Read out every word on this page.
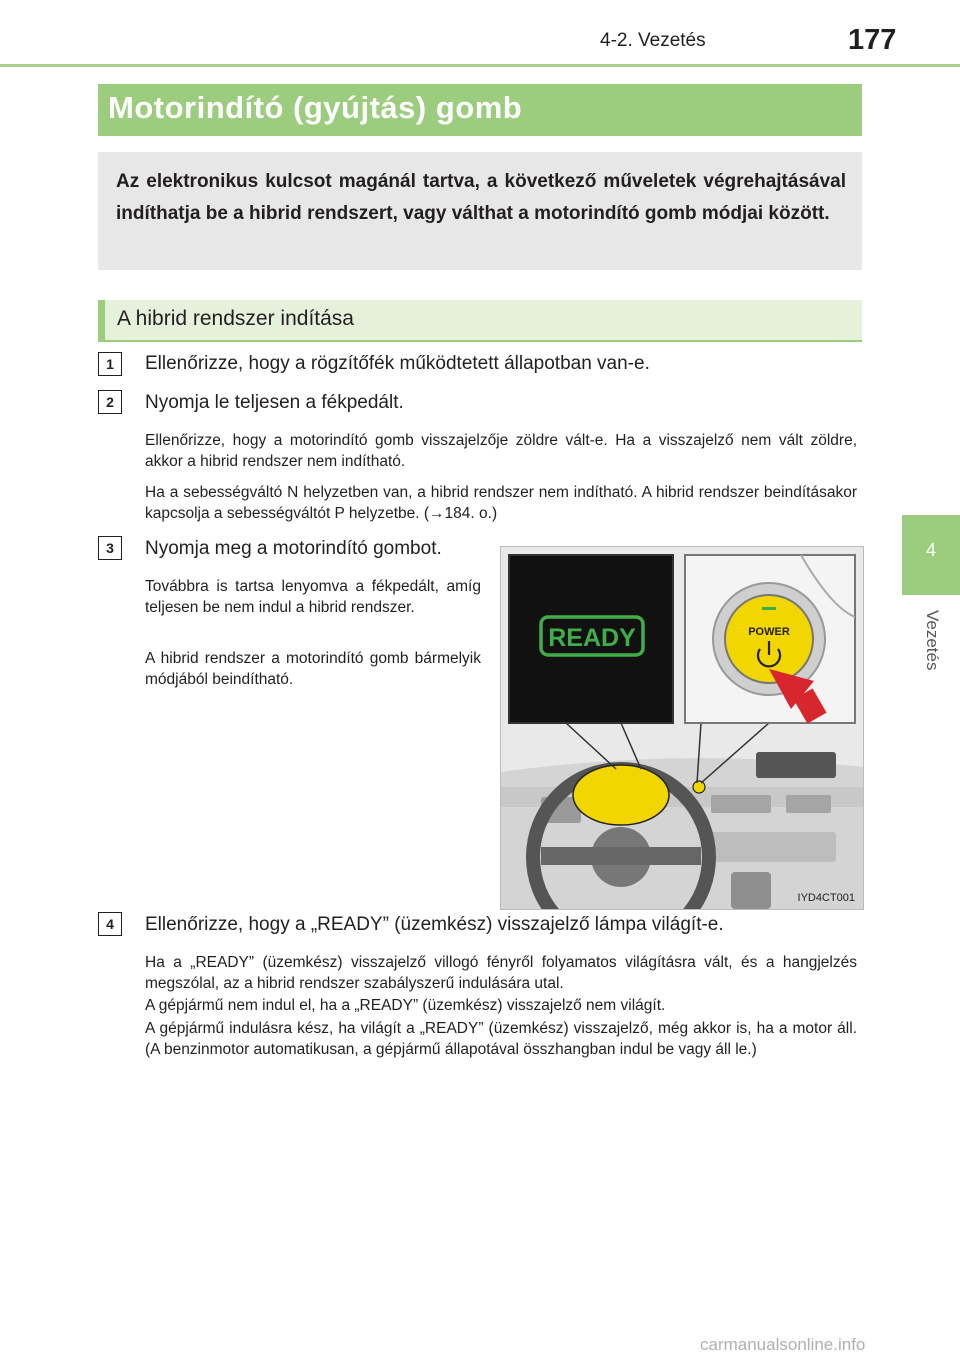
4-2. Vezetés	177
4
Vezetés
Motorindító (gyújtás) gomb
Az elektronikus kulcsot magánál tartva, a következő műveletek végrehajtásával indíthatja be a hibrid rendszert, vagy válthat a motorindító gomb módjai között.
A hibrid rendszer indítása
1	Ellenőrizze, hogy a rögzítőfék működtetett állapotban van-e.
2	Nyomja le teljesen a fékpedált.
Ellenőrizze, hogy a motorindító gomb visszajelzője zöldre vált-e. Ha a visszajelző nem vált zöldre, akkor a hibrid rendszer nem indítható.
Ha a sebességváltó N helyzetben van, a hibrid rendszer nem indítható. A hibrid rendszer beindításakor kapcsolja a sebességváltót P helyzetbe. (→184. o.)
3	Nyomja meg a motorindító gombot.
Továbbra is tartsa lenyomva a fékpedált, amíg teljesen be nem indul a hibrid rendszer.
A hibrid rendszer a motorindító gomb bármelyik módjából beindítható.
READY	POWER
IYD4CT001
4	Ellenőrizze, hogy a „READY” (üzemkész) visszajelző lámpa világít-e.
Ha a „READY” (üzemkész) visszajelző villogó fényről folyamatos világításra vált, és a hangjelzés megszólal, az a hibrid rendszer szabályszerű indulására utal.
A gépjármű nem indul el, ha a „READY” (üzemkész) visszajelző nem világít.
A gépjármű indulásra kész, ha világít a „READY” (üzemkész) visszajelző, még akkor is, ha a motor áll. (A benzinmotor automatikusan, a gépjármű állapotával összhangban indul be vagy áll le.)
carmanualsonline.info
